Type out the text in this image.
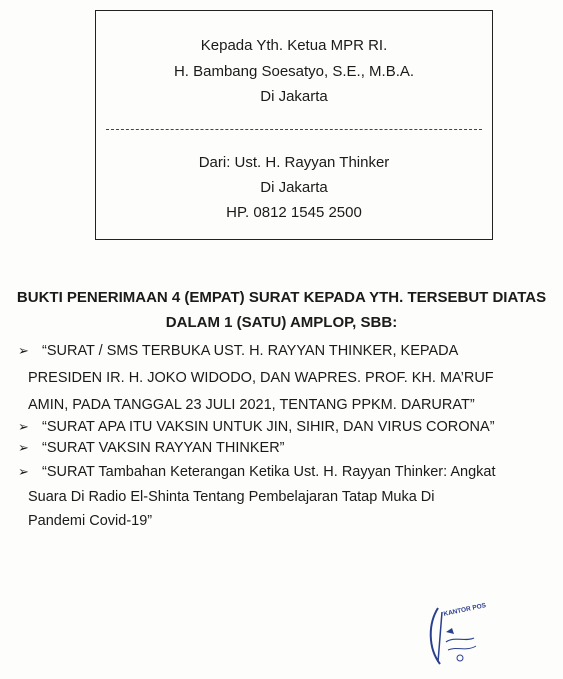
Kepada Yth. Ketua MPR RI.
H. Bambang Soesatyo, S.E., M.B.A.
Di Jakarta
Dari: Ust. H. Rayyan Thinker
Di Jakarta
HP. 0812 1545 2500
BUKTI PENERIMAAN 4 (EMPAT) SURAT KEPADA YTH. TERSEBUT DIATAS
DALAM 1 (SATU) AMPLOP, SBB:
➢ “SURAT / SMS TERBUKA UST. H. RAYYAN THINKER, KEPADA
PRESIDEN IR. H. JOKO WIDODO, DAN WAPRES. PROF. KH. MA’RUF
AMIN, PADA TANGGAL 23 JULI 2021, TENTANG PPKM. DARURAT”
➢ “SURAT APA ITU VAKSIN UNTUK JIN, SIHIR, DAN VIRUS CORONA”
➢ “SURAT VAKSIN RAYYAN THINKER”
➢ “SURAT Tambahan Keterangan Ketika Ust. H. Rayyan Thinker: Angkat
Suara Di Radio El-Shinta Tentang Pembelajaran Tatap Muka Di
Pandemi Covid-19”
KANTOR POS
